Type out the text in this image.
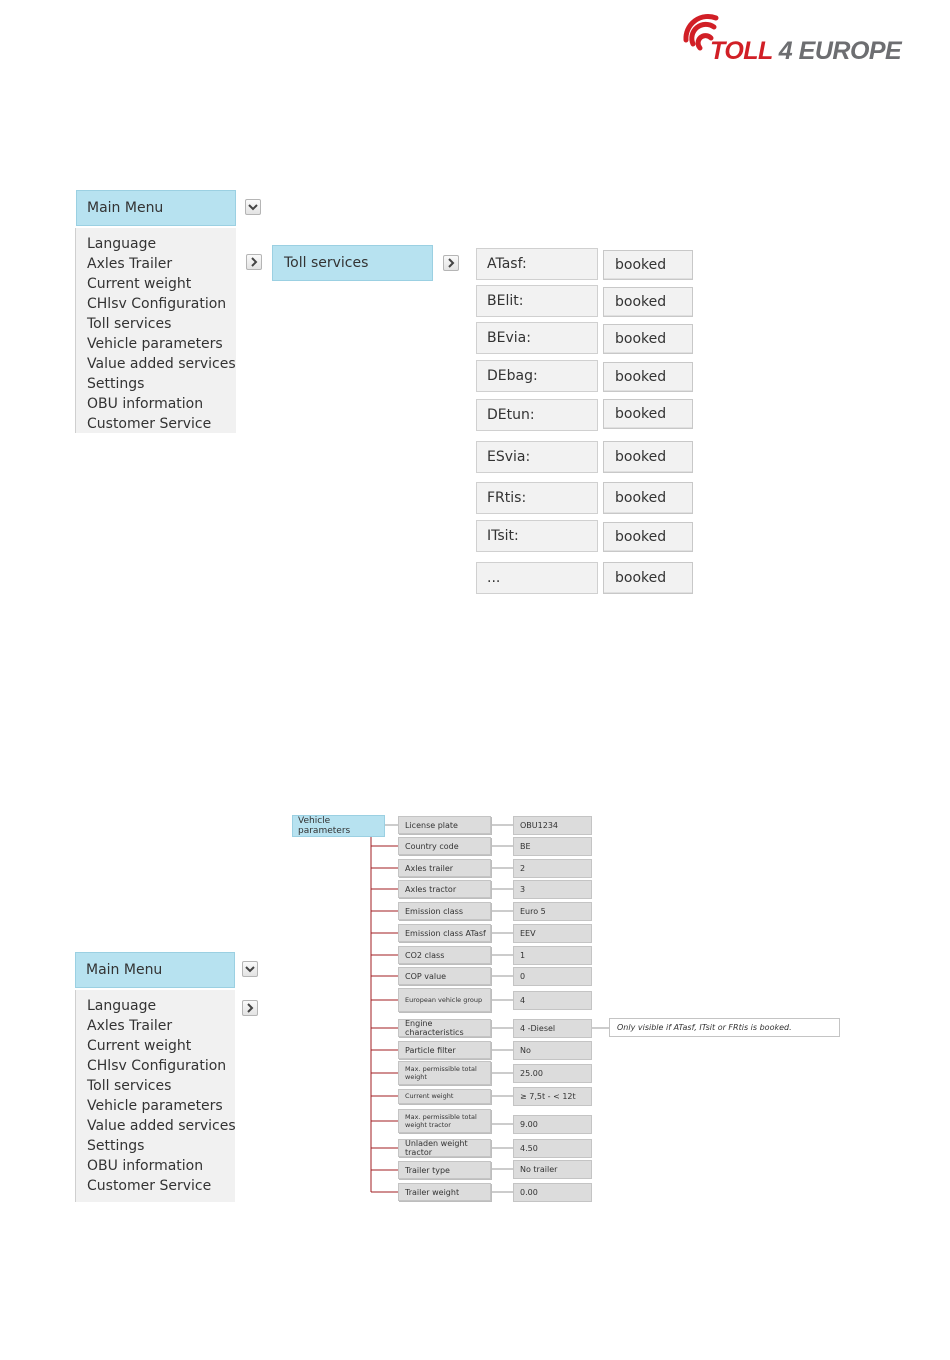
TOLL 4 EUROPE
Main Menu
Language
Axles Trailer
Current weight
CHlsv Configuration
Toll services
Vehicle parameters
Value added services
Settings
OBU information
Customer Service
Toll services	ATasf:	booked
BElit:	booked
BEvia:	booked
DEbag:	booked
DEtun:	booked
ESvia:	booked
FRtis:	booked
ITsit:	booked
...	booked
Vehicle parameters
License plate	OBU1234
Country code	BE
Axles trailer	2
Axles tractor	3
Emission class	Euro 5
Emission class ATasf	EEV
CO2 class	1
COP value	0
European vehicle group	4
Engine characteristics	4 -Diesel
Particle filter	No
Max. permissible total weight	25.00
Current weight	≥ 7,5t - < 12t
Max. permissible total weight tractor	9.00
Unladen weight tractor	4.50
Trailer type	No trailer
Trailer weight	0.00
Only visible if ATasf, ITsit or FRtis is booked.
Main Menu
Language
Axles Trailer
Current weight
CHlsv Configuration
Toll services
Vehicle parameters
Value added services
Settings
OBU information
Customer Service
